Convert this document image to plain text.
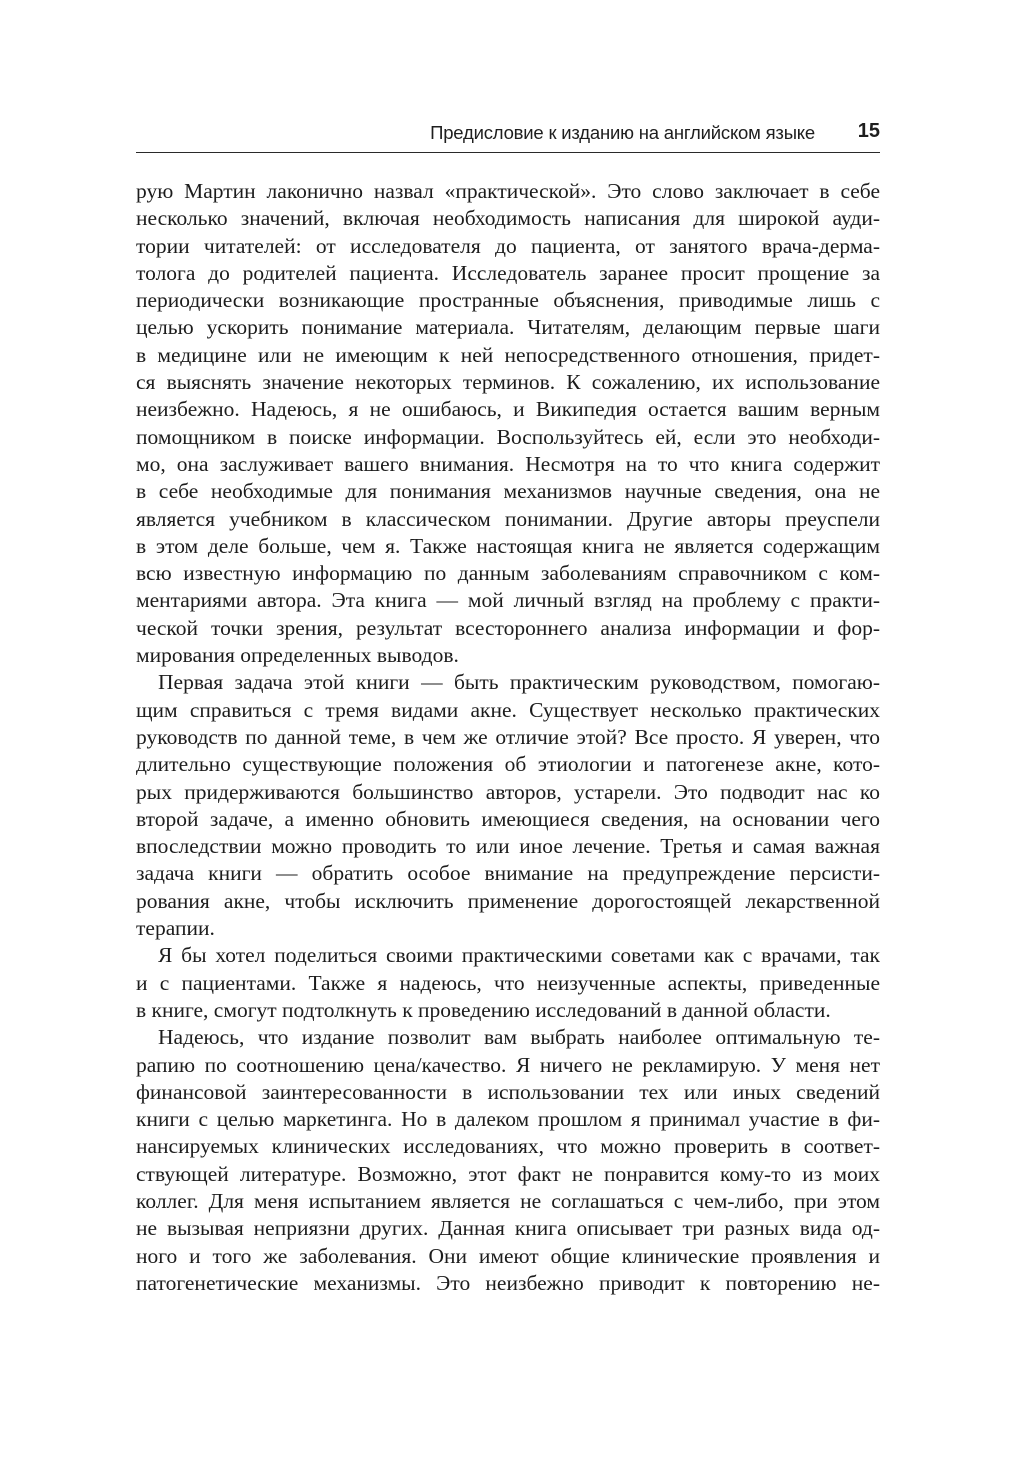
Предисловие к изданию на английском языке 15
рую Мартин лаконично назвал «практической». Это слово заключает в себе
несколько значений, включая необходимость написания для широкой ауди-
тории читателей: от исследователя до пациента, от занятого врача-дерма-
толога до родителей пациента. Исследователь заранее просит прощение за
периодически возникающие пространные объяснения, приводимые лишь с
целью ускорить понимание материала. Читателям, делающим первые шаги
в медицине или не имеющим к ней непосредственного отношения, придет-
ся выяснять значение некоторых терминов. К сожалению, их использование
неизбежно. Надеюсь, я не ошибаюсь, и Википедия остается вашим верным
помощником в поиске информации. Воспользуйтесь ей, если это необходи-
мо, она заслуживает вашего внимания. Несмотря на то что книга содержит
в себе необходимые для понимания механизмов научные сведения, она не
является учебником в классическом понимании. Другие авторы преуспели
в этом деле больше, чем я. Также настоящая книга не является содержащим
всю известную информацию по данным заболеваниям справочником с ком-
ментариями автора. Эта книга — мой личный взгляд на проблему с практи-
ческой точки зрения, результат всестороннего анализа информации и фор-
мирования определенных выводов.
Первая задача этой книги — быть практическим руководством, помогаю-
щим справиться с тремя видами акне. Существует несколько практических
руководств по данной теме, в чем же отличие этой? Все просто. Я уверен, что
длительно существующие положения об этиологии и патогенезе акне, кото-
рых придерживаются большинство авторов, устарели. Это подводит нас ко
второй задаче, а именно обновить имеющиеся сведения, на основании чего
впоследствии можно проводить то или иное лечение. Третья и самая важная
задача книги — обратить особое внимание на предупреждение персисти-
рования акне, чтобы исключить применение дорогостоящей лекарственной
терапии.
Я бы хотел поделиться своими практическими советами как с врачами, так
и с пациентами. Также я надеюсь, что неизученные аспекты, приведенные
в книге, смогут подтолкнуть к проведению исследований в данной области.
Надеюсь, что издание позволит вам выбрать наиболее оптимальную те-
рапию по соотношению цена/качество. Я ничего не рекламирую. У меня нет
финансовой заинтересованности в использовании тех или иных сведений
книги с целью маркетинга. Но в далеком прошлом я принимал участие в фи-
нансируемых клинических исследованиях, что можно проверить в соответ-
ствующей литературе. Возможно, этот факт не понравится кому-то из моих
коллег. Для меня испытанием является не соглашаться с чем-либо, при этом
не вызывая неприязни других. Данная книга описывает три разных вида од-
ного и того же заболевания. Они имеют общие клинические проявления и
патогенетические механизмы. Это неизбежно приводит к повторению не-
